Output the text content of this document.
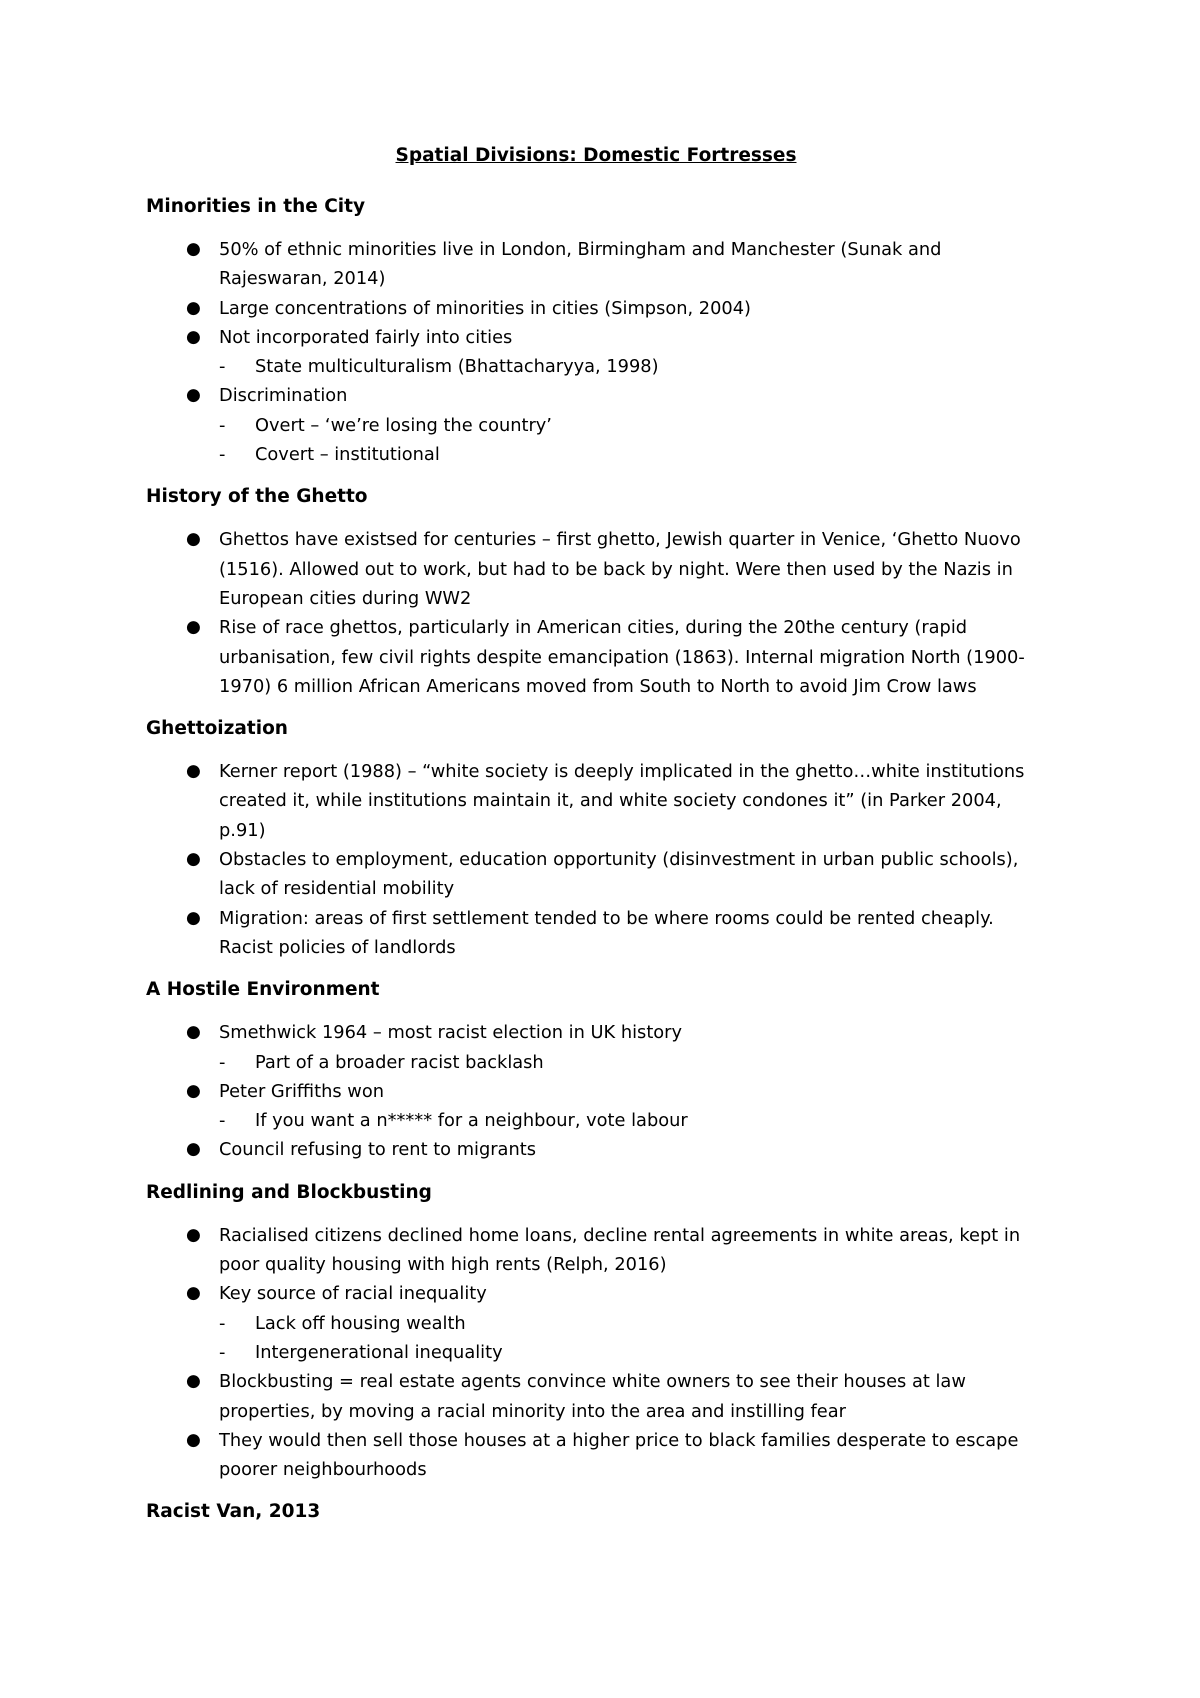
Spatial Divisions: Domestic Fortresses
Minorities in the City
● 50% of ethnic minorities live in London, Birmingham and Manchester (Sunak and Rajeswaran, 2014)
● Large concentrations of minorities in cities (Simpson, 2004)
● Not incorporated fairly into cities
- State multiculturalism (Bhattacharyya, 1998)
● Discrimination
- Overt – ‘we’re losing the country’
- Covert – institutional
History of the Ghetto
● Ghettos have existsed for centuries – first ghetto, Jewish quarter in Venice, ‘Ghetto Nuovo (1516). Allowed out to work, but had to be back by night. Were then used by the Nazis in European cities during WW2
● Rise of race ghettos, particularly in American cities, during the 20the century (rapid urbanisation, few civil rights despite emancipation (1863). Internal migration North (1900-1970) 6 million African Americans moved from South to North to avoid Jim Crow laws
Ghettoization
● Kerner report (1988) – “white society is deeply implicated in the ghetto…white institutions created it, while institutions maintain it, and white society condones it” (in Parker 2004, p.91)
● Obstacles to employment, education opportunity (disinvestment in urban public schools), lack of residential mobility
● Migration: areas of first settlement tended to be where rooms could be rented cheaply. Racist policies of landlords
A Hostile Environment
● Smethwick 1964 – most racist election in UK history
- Part of a broader racist backlash
● Peter Griffiths won
- If you want a n***** for a neighbour, vote labour
● Council refusing to rent to migrants
Redlining and Blockbusting
● Racialised citizens declined home loans, decline rental agreements in white areas, kept in poor quality housing with high rents (Relph, 2016)
● Key source of racial inequality
- Lack off housing wealth
- Intergenerational inequality
● Blockbusting = real estate agents convince white owners to see their houses at law properties, by moving a racial minority into the area and instilling fear
● They would then sell those houses at a higher price to black families desperate to escape poorer neighbourhoods
Racist Van, 2013
